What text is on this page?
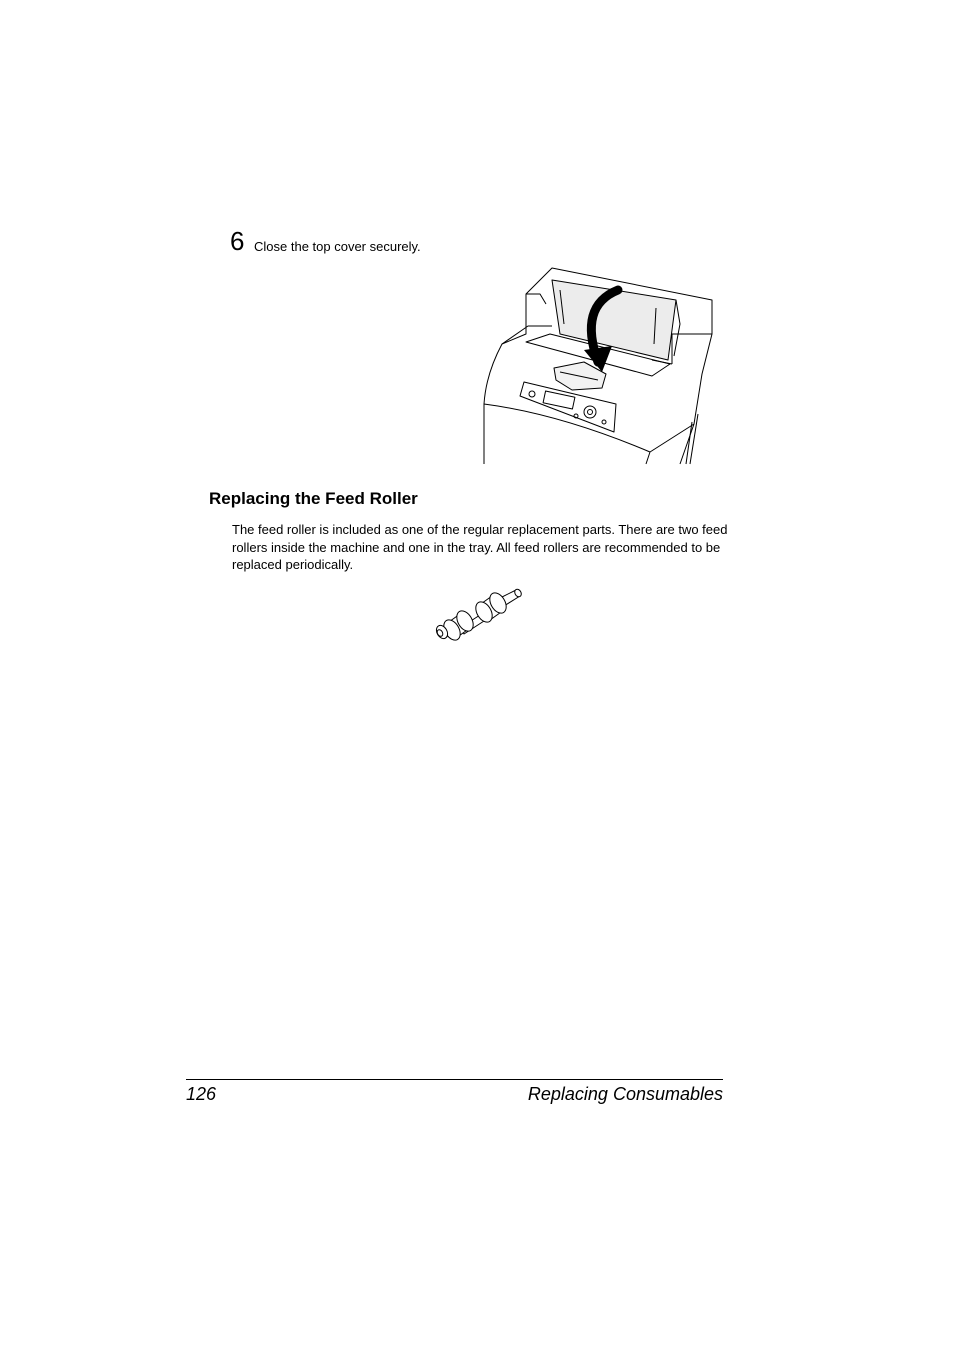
6 Close the top cover securely.
Replacing the Feed Roller

The feed roller is included as one of the regular replacement parts. There are two feed rollers inside the machine and one in the tray. All feed rollers are recommended to be replaced periodically.

126	Replacing Consumables
